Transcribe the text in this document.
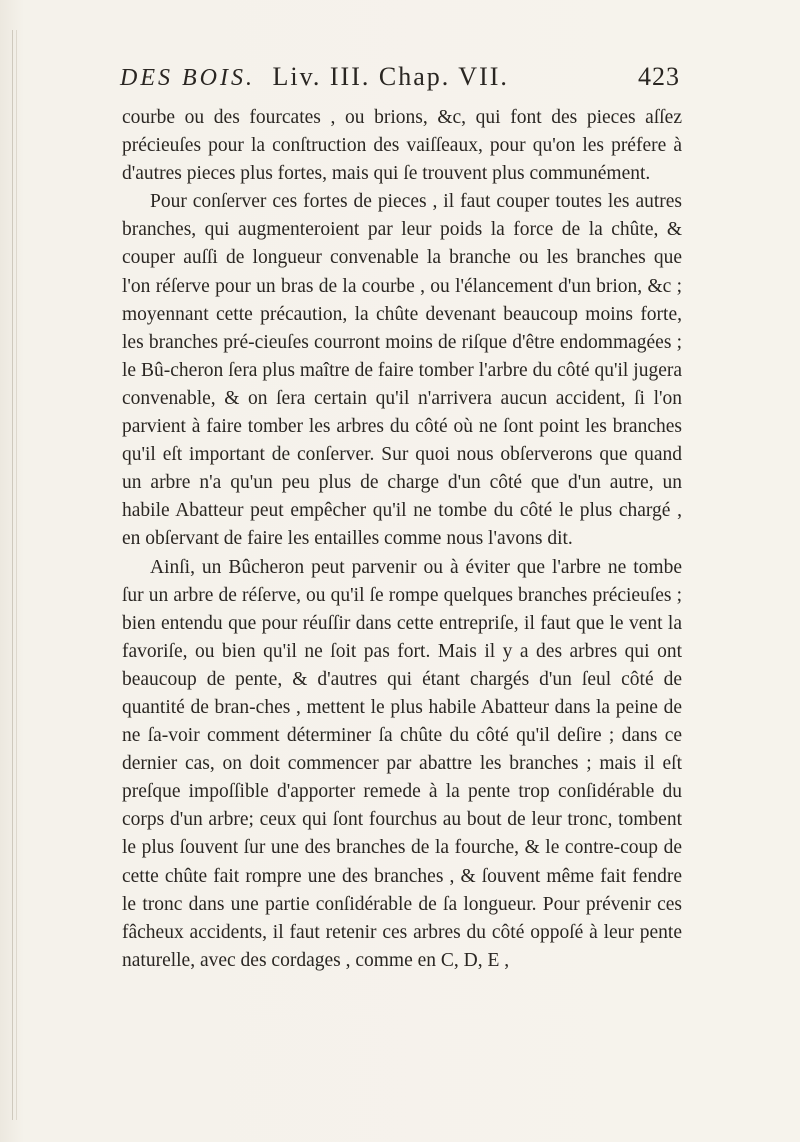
DES BOIS. Liv. III. Chap. VII.	423

courbe ou des fourcates , ou brions, &c, qui font des pieces aſſez précieuſes pour la conſtruction des vaiſſeaux, pour qu'on les préfere à d'autres pieces plus fortes, mais qui ſe trouvent plus communément.

Pour conſerver ces fortes de pieces , il faut couper toutes les autres branches, qui augmenteroient par leur poids la force de la chûte, & couper auſſi de longueur convenable la branche ou les branches que l'on réſerve pour un bras de la courbe , ou l'élancement d'un brion, &c ; moyennant cette précaution, la chûte devenant beaucoup moins forte, les branches pré-cieuſes courront moins de riſque d'être endommagées ; le Bû-cheron ſera plus maître de faire tomber l'arbre du côté qu'il jugera convenable, & on ſera certain qu'il n'arrivera aucun accident, ſi l'on parvient à faire tomber les arbres du côté où ne ſont point les branches qu'il eſt important de conſerver. Sur quoi nous obſerverons que quand un arbre n'a qu'un peu plus de charge d'un côté que d'un autre, un habile Abatteur peut empêcher qu'il ne tombe du côté le plus chargé , en obſervant de faire les entailles comme nous l'avons dit.

Ainſi, un Bûcheron peut parvenir ou à éviter que l'arbre ne tombe ſur un arbre de réſerve, ou qu'il ſe rompe quelques branches précieuſes ; bien entendu que pour réuſſir dans cette entrepriſe, il faut que le vent la favoriſe, ou bien qu'il ne ſoit pas fort. Mais il y a des arbres qui ont beaucoup de pente, & d'autres qui étant chargés d'un ſeul côté de quantité de bran-ches , mettent le plus habile Abatteur dans la peine de ne ſa-voir comment déterminer ſa chûte du côté qu'il deſire ; dans ce dernier cas, on doit commencer par abattre les branches ; mais il eſt preſque impoſſible d'apporter remede à la pente trop conſidérable du corps d'un arbre; ceux qui ſont fourchus au bout de leur tronc, tombent le plus ſouvent ſur une des branches de la fourche, & le contre-coup de cette chûte fait rompre une des branches , & ſouvent même fait fendre le tronc dans une partie conſidérable de ſa longueur. Pour prévenir ces fâcheux accidents, il faut retenir ces arbres du côté oppoſé à leur pente naturelle, avec des cordages , comme en C, D, E ,
